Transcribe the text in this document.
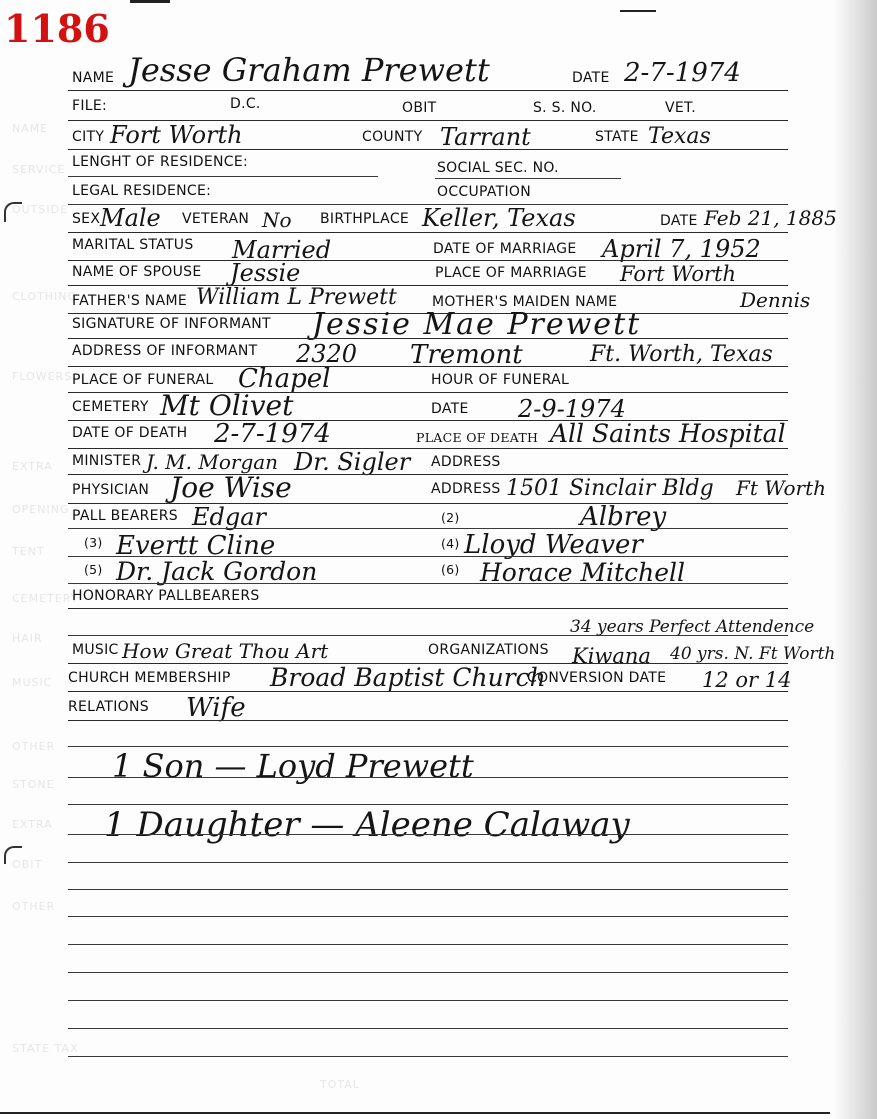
NAME
SERVICE
OUTSIDE
CLOTHING
FLOWERS
EXTRA
OPENING
TENT
CEMETERY
HAIR
MUSIC
OTHER
STONE
EXTRA
OBIT
OTHER
STATE TAX
TOTAL
1186
NAME Jesse Graham Prewett	DATE 2-7-1974
FILE:	D.C.	OBIT	S. S. NO.	VET.
CITY Fort Worth	COUNTY Tarrant	STATE Texas
LENGHT OF RESIDENCE:	SOCIAL SEC. NO.
LEGAL RESIDENCE:	OCCUPATION
SEX Male VETERAN No BIRTHPLACE Keller, Texas	DATE Feb 21, 1885
MARITAL STATUS Married	DATE OF MARRIAGE April 7, 1952
NAME OF SPOUSE Jessie	PLACE OF MARRIAGE Fort Worth
FATHER'S NAME William L Prewett	MOTHER'S MAIDEN NAME	Dennis
SIGNATURE OF INFORMANT Jessie Mae Prewett
ADDRESS OF INFORMANT 2320 Tremont	Ft. Worth, Texas
PLACE OF FUNERAL Chapel	HOUR OF FUNERAL
CEMETERY Mt Olivet	DATE 2-9-1974
DATE OF DEATH 2-7-1974	PLACE OF DEATH All Saints Hospital
MINISTER J. M. Morgan Dr. Sigler ADDRESS
PHYSICIAN Joe Wise	ADDRESS 1501 Sinclair Bldg Ft Worth
PALL BEARERS Edgar	(2)	Albrey
(3) Evertt Cline	(4) Lloyd Weaver
(5) Dr. Jack Gordon	(6) Horace Mitchell
HONORARY PALLBEARERS
34 years Perfect Attendence
MUSIC How Great Thou Art	ORGANIZATIONS Kiwana 40 yrs. N. Ft Worth
CHURCH MEMBERSHIP Broad Baptist Church
CONVERSION DATE 12 or 14
RELATIONS Wife
1 Son — Loyd Prewett
1 Daughter — Aleene Calaway
